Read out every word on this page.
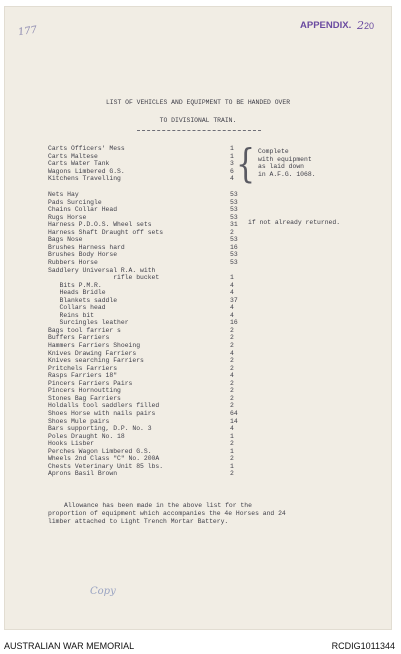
177	APPENDIX. 220
LIST OF VEHICLES AND EQUIPMENT TO BE HANDED OVER
TO DIVISIONAL TRAIN.
Carts Officers' Mess	1
Carts Maltese	1
Carts Water Tank	3
Wagons Limbered G.S.	6
Kitchens Travelling	4 { Complete
with equipment
as laid down
in A.F.G. 1068.
Nets Hay	53
Pads Surcingle	53
Chains Collar Head	53
Rugs Horse	53
Harness P.D.O.S. Wheel sets	31
Harness Shaft Draught off sets	2
Bags Nose	53
Brushes Harness hard	16
Brushes Body Horse	53
Rubbers Horse	53
Saddlery Universal R.A. with
rifle bucket	1
Bits P.M.R.	4
Heads Bridle	4
Blankets saddle	37
Collars head	4
Reins bit	4
Surcingles leather	16
Bags tool farrier s	2
Buffers Farriers	2
Hammers Farriers Shoeing	2
Knives Drawing Farriers	4
Knives searching Farriers	2
Pritchels Farriers	2
Rasps Farriers 18"	4
Pincers Farriers Pairs	2
Pincers Hornoutting	2
Stones Bag Farriers	2
Holdalls tool saddlers filled	2
Shoes Horse with nails pairs	64
Shoes Mule pairs	14
Bars supporting, D.P. No. 3	4
Poles Draught No. 18	1
Hooks Lisber	2
Perches Wagon Limbered G.S.	1
Wheels 2nd Class "C" No. 200A	2
Chests Veterinary Unit 85 lbs.	1
Aprons Basil Brown	2
if not already returned.
Allowance has been made in the above list for the
proportion of equipment which accompanies the 4e Horses and 24
limber attached to Light Trench Mortar Battery.
Copy
AUSTRALIAN WAR MEMORIAL	RCDIG1011344
